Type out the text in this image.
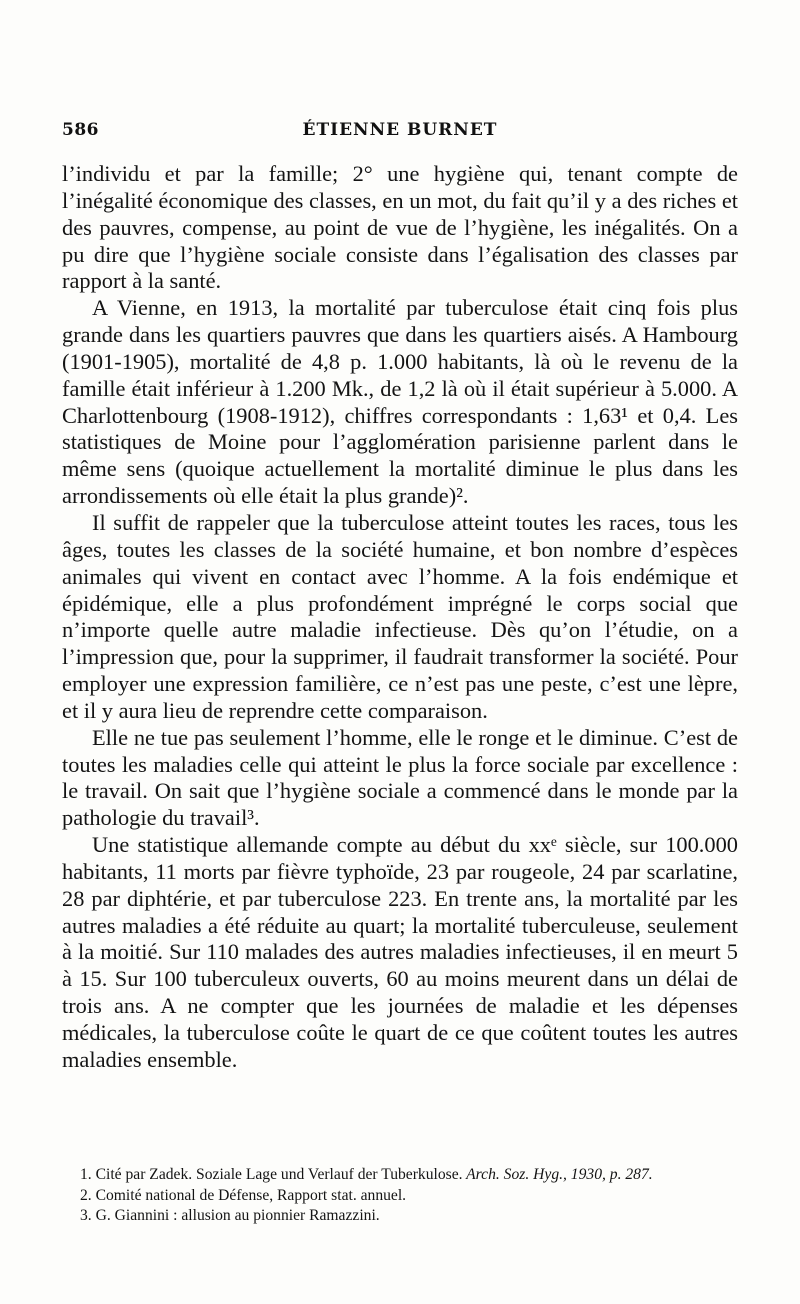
586	ÉTIENNE BURNET

l’individu et par la famille; 2° une hygiène qui, tenant compte de l’inégalité économique des classes, en un mot, du fait qu’il y a des riches et des pauvres, compense, au point de vue de l’hygiène, les inégalités. On a pu dire que l’hygiène sociale consiste dans l’égalisation des classes par rapport à la santé.

A Vienne, en 1913, la mortalité par tuberculose était cinq fois plus grande dans les quartiers pauvres que dans les quartiers aisés. A Hambourg (1901-1905), mortalité de 4,8 p. 1.000 habitants, là où le revenu de la famille était inférieur à 1.200 Mk., de 1,2 là où il était supérieur à 5.000. A Charlottenbourg (1908-1912), chiffres correspondants : 1,63¹ et 0,4. Les statistiques de Moine pour l’agglomération parisienne parlent dans le même sens (quoique actuellement la mortalité diminue le plus dans les arrondissements où elle était la plus grande)².

Il suffit de rappeler que la tuberculose atteint toutes les races, tous les âges, toutes les classes de la société humaine, et bon nombre d’espèces animales qui vivent en contact avec l’homme. A la fois endémique et épidémique, elle a plus profondément imprégné le corps social que n’importe quelle autre maladie infectieuse. Dès qu’on l’étudie, on a l’impression que, pour la supprimer, il faudrait transformer la société. Pour employer une expression familière, ce n’est pas une peste, c’est une lèpre, et il y aura lieu de reprendre cette comparaison.

Elle ne tue pas seulement l’homme, elle le ronge et le diminue. C’est de toutes les maladies celle qui atteint le plus la force sociale par excellence : le travail. On sait que l’hygiène sociale a commencé dans le monde par la pathologie du travail³.

Une statistique allemande compte au début du xxᵉ siècle, sur 100.000 habitants, 11 morts par fièvre typhoïde, 23 par rougeole, 24 par scarlatine, 28 par diphtérie, et par tuberculose 223. En trente ans, la mortalité par les autres maladies a été réduite au quart; la mortalité tuberculeuse, seulement à la moitié. Sur 110 malades des autres maladies infectieuses, il en meurt 5 à 15. Sur 100 tuberculeux ouverts, 60 au moins meurent dans un délai de trois ans. A ne compter que les journées de maladie et les dépenses médicales, la tuberculose coûte le quart de ce que coûtent toutes les autres maladies ensemble.

1. Cité par Zadek. Soziale Lage und Verlauf der Tuberkulose. Arch. Soz. Hyg., 1930, p. 287.

2. Comité national de Défense, Rapport stat. annuel.

3. G. Giannini : allusion au pionnier Ramazzini.
